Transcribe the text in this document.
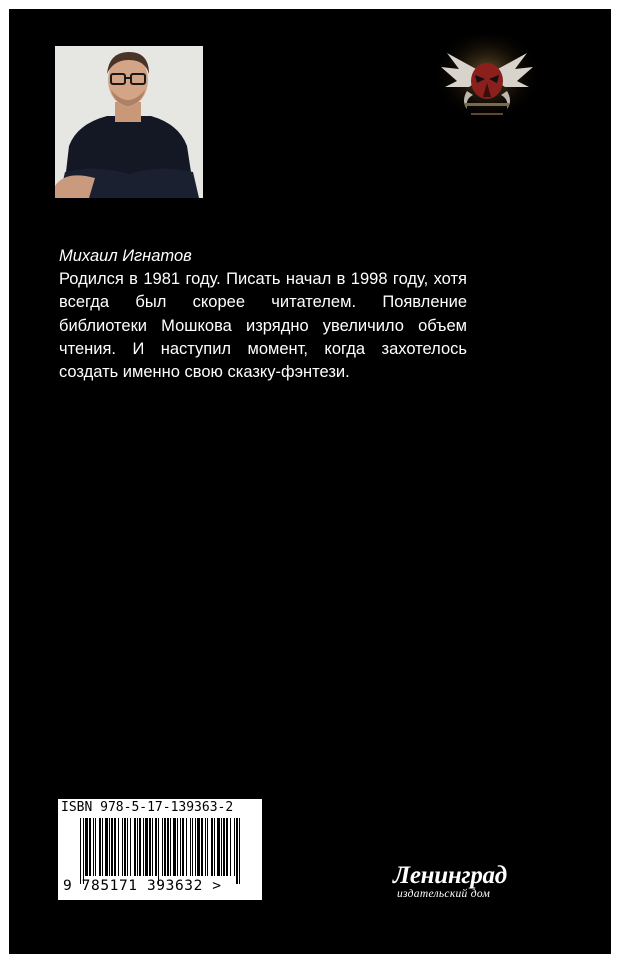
Михаил Игнатов
Родился в 1981 году. Писать начал в 1998 году, хотя всегда был скорее читателем. Появление библиотеки Мошкова изрядно увеличило объем чтения. И наступил момент, когда захотелось создать именно свою сказку-фэнтези.
ISBN 978-5-17-139363-2
9 785171 393632 >	Ленинград
издательский дом
